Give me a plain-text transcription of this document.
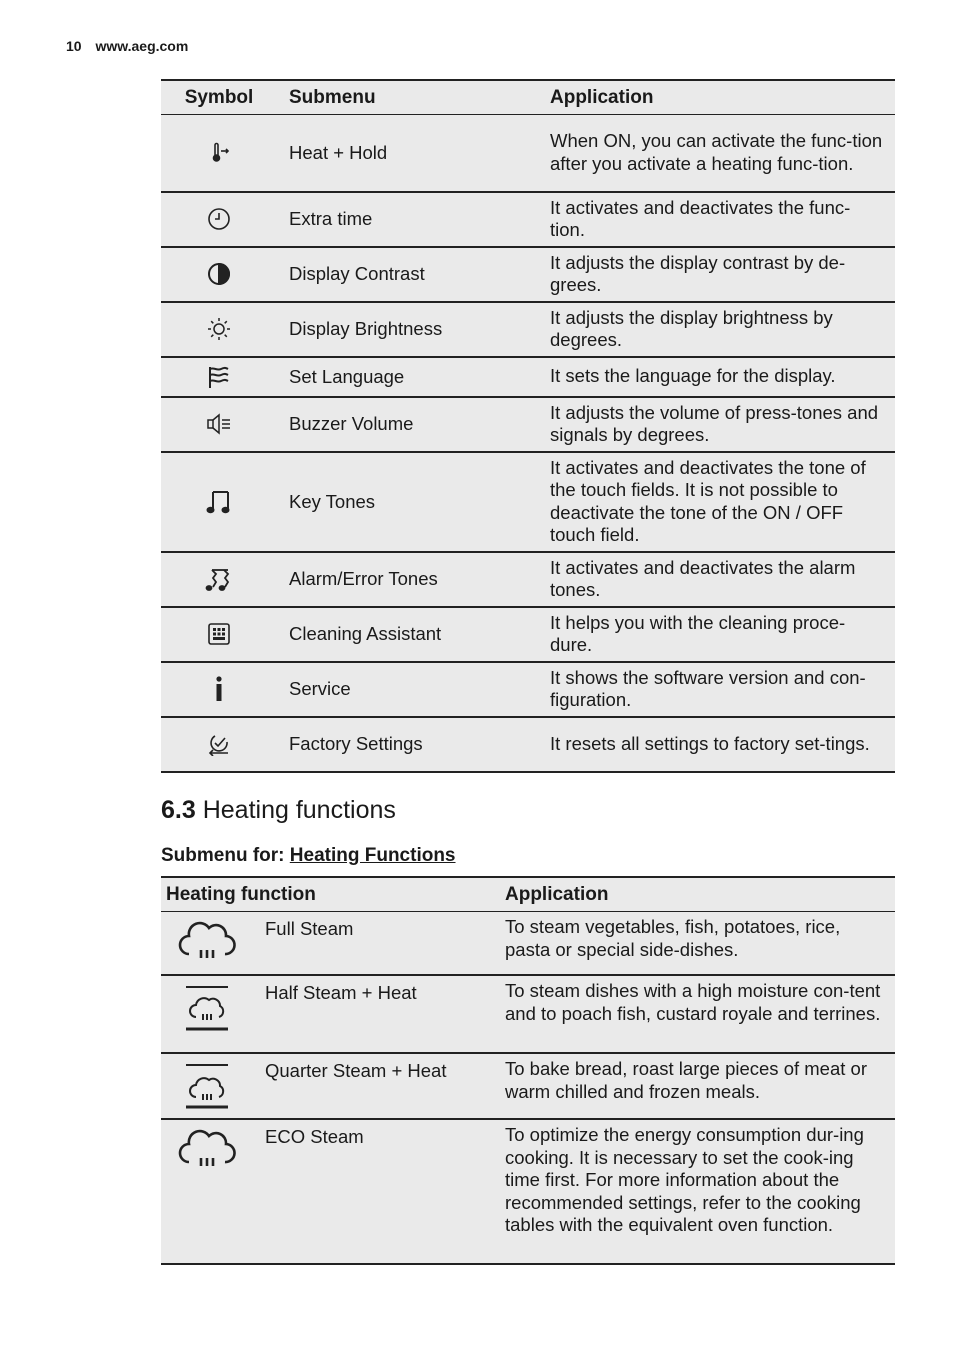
10 www.aeg.com
Symbol	Submenu	Application
	Heat + Hold	When ON, you can activate the func-tion after you activate a heating func-tion.
	Extra time	It activates and deactivates the func-tion.
	Display Contrast	It adjusts the display contrast by de-grees.
	Display Brightness	It adjusts the display brightness by degrees.
	Set Language	It sets the language for the display.
	Buzzer Volume	It adjusts the volume of press-tones and signals by degrees.
	Key Tones	It activates and deactivates the tone of the touch fields. It is not possible to deactivate the tone of the ON / OFF touch field.
	Alarm/Error Tones	It activates and deactivates the alarm tones.
	Cleaning Assistant	It helps you with the cleaning proce-dure.
	Service	It shows the software version and con-figuration.
	Factory Settings	It resets all settings to factory set-tings.
6.3 Heating functions
Submenu for: Heating Functions
Heating function		Application
	Full Steam	To steam vegetables, fish, potatoes, rice, pasta or special side-dishes.
	Half Steam + Heat	To steam dishes with a high moisture con-tent and to poach fish, custard royale and terrines.
	Quarter Steam + Heat	To bake bread, roast large pieces of meat or warm chilled and frozen meals.
	ECO Steam	To optimize the energy consumption dur-ing cooking. It is necessary to set the cook-ing time first. For more information about the recommended settings, refer to the cooking tables with the equivalent oven function.
